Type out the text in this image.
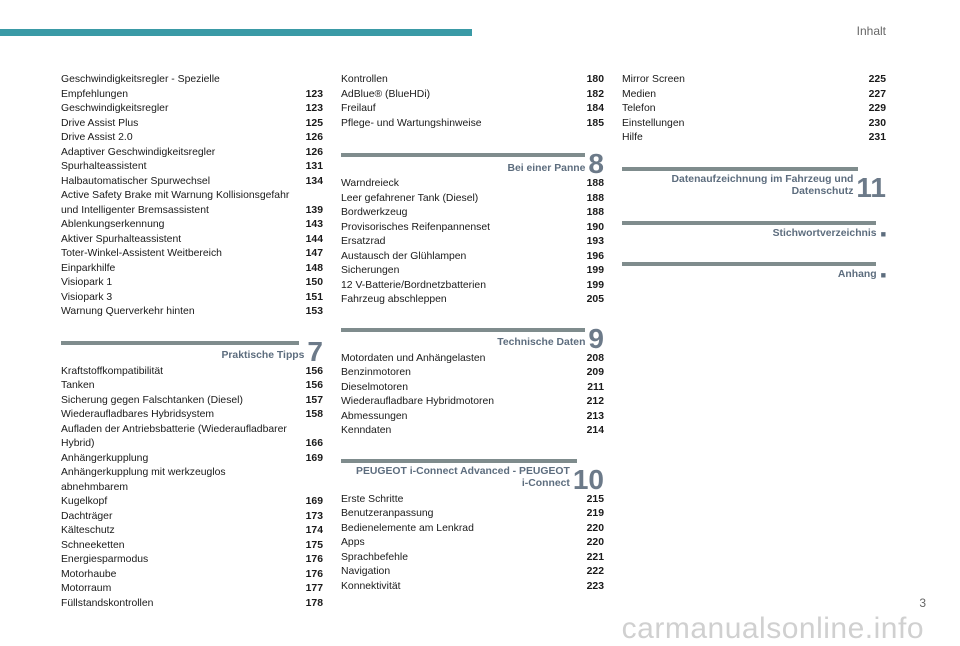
Inhalt
Geschwindigkeitsregler - Spezielle
Empfehlungen	123
Geschwindigkeitsregler	123
Drive Assist Plus	125
Drive Assist 2.0	126
Adaptiver Geschwindigkeitsregler	126
Spurhalteassistent	131
Halbautomatischer Spurwechsel	134
Active Safety Brake mit Warnung Kollisionsgefahr
und Intelligenter Bremsassistent	139
Ablenkungserkennung	143
Aktiver Spurhalteassistent	144
Toter-Winkel-Assistent Weitbereich	147
Einparkhilfe	148
Visiopark 1	150
Visiopark 3	151
Warnung Querverkehr hinten	153
Praktische Tipps 7
Kraftstoffkompatibilität	156
Tanken	156
Sicherung gegen Falschtanken (Diesel)	157
Wiederaufladbares Hybridsystem	158
Aufladen der Antriebsbatterie (Wiederaufladbarer
Hybrid)	166
Anhängerkupplung	169
Anhängerkupplung mit werkzeuglos abnehmbarem
Kugelkopf	169
Dachträger	173
Kälteschutz	174
Schneeketten	175
Energiesparmodus	176
Motorhaube	176
Motorraum	177
Füllstandskontrollen	178
Kontrollen	180
AdBlue® (BlueHDi)	182
Freilauf	184
Pflege- und Wartungshinweise	185
Bei einer Panne 8
Warndreieck	188
Leer gefahrener Tank (Diesel)	188
Bordwerkzeug	188
Provisorisches Reifenpannenset	190
Ersatzrad	193
Austausch der Glühlampen	196
Sicherungen	199
12 V-Batterie/Bordnetzbatterien	199
Fahrzeug abschleppen	205
Technische Daten 9
Motordaten und Anhängelasten	208
Benzinmotoren	209
Dieselmotoren	211
Wiederaufladbare Hybridmotoren	212
Abmessungen	213
Kenndaten	214
PEUGEOT i-Connect Advanced - PEUGEOT
i-Connect 10
Erste Schritte	215
Benutzeranpassung	219
Bedienelemente am Lenkrad	220
Apps	220
Sprachbefehle	221
Navigation	222
Konnektivität	223
Mirror Screen	225
Medien	227
Telefon	229
Einstellungen	230
Hilfe	231
Datenaufzeichnung im Fahrzeug und
Datenschutz 11
Stichwortverzeichnis ■
Anhang ■
3
carmanualsonline.info
